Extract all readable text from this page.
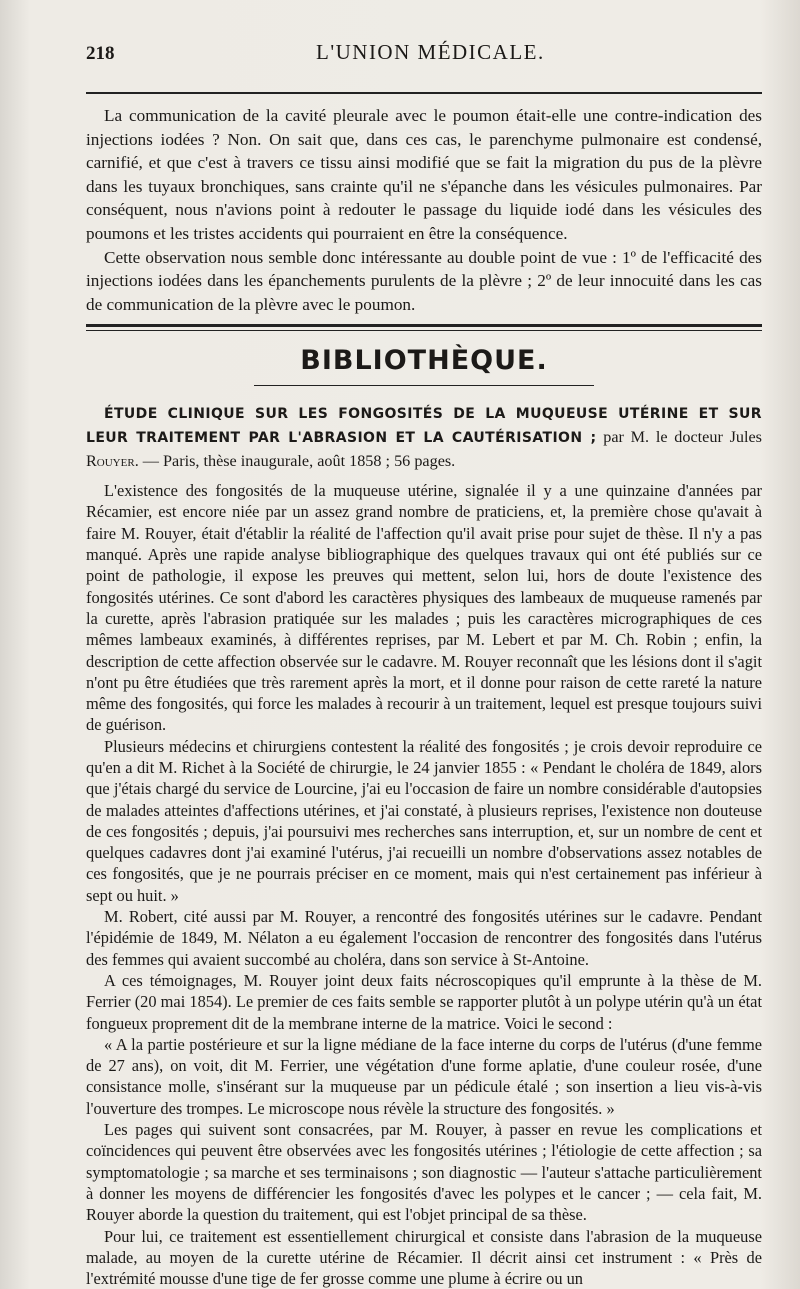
218	L'UNION MÉDICALE.

La communication de la cavité pleurale avec le poumon était-elle une contre-indication des injections iodées ? Non. On sait que, dans ces cas, le parenchyme pulmonaire est condensé, carnifié, et que c'est à travers ce tissu ainsi modifié que se fait la migration du pus de la plèvre dans les tuyaux bronchiques, sans crainte qu'il ne s'épanche dans les vésicules pulmonaires. Par conséquent, nous n'avions point à redouter le passage du liquide iodé dans les vésicules des poumons et les tristes accidents qui pourraient en être la conséquence.

Cette observation nous semble donc intéressante au double point de vue : 1º de l'efficacité des injections iodées dans les épanchements purulents de la plèvre ; 2º de leur innocuité dans les cas de communication de la plèvre avec le poumon.

BIBLIOTHÈQUE.

ÉTUDE CLINIQUE SUR LES FONGOSITÉS DE LA MUQUEUSE UTÉRINE ET SUR LEUR TRAITEMENT PAR L'ABRASION ET LA CAUTÉRISATION ; par M. le docteur Jules Rouyer. — Paris, thèse inaugurale, août 1858 ; 56 pages.

L'existence des fongosités de la muqueuse utérine, signalée il y a une quinzaine d'années par Récamier, est encore niée par un assez grand nombre de praticiens, et, la première chose qu'avait à faire M. Rouyer, était d'établir la réalité de l'affection qu'il avait prise pour sujet de thèse. Il n'y a pas manqué. Après une rapide analyse bibliographique des quelques travaux qui ont été publiés sur ce point de pathologie, il expose les preuves qui mettent, selon lui, hors de doute l'existence des fongosités utérines. Ce sont d'abord les caractères physiques des lambeaux de muqueuse ramenés par la curette, après l'abrasion pratiquée sur les malades ; puis les caractères micrographiques de ces mêmes lambeaux examinés, à différentes reprises, par M. Lebert et par M. Ch. Robin ; enfin, la description de cette affection observée sur le cadavre. M. Rouyer reconnaît que les lésions dont il s'agit n'ont pu être étudiées que très rarement après la mort, et il donne pour raison de cette rareté la nature même des fongosités, qui force les malades à recourir à un traitement, lequel est presque toujours suivi de guérison.

Plusieurs médecins et chirurgiens contestent la réalité des fongosités ; je crois devoir reproduire ce qu'en a dit M. Richet à la Société de chirurgie, le 24 janvier 1855 : « Pendant le choléra de 1849, alors que j'étais chargé du service de Lourcine, j'ai eu l'occasion de faire un nombre considérable d'autopsies de malades atteintes d'affections utérines, et j'ai constaté, à plusieurs reprises, l'existence non douteuse de ces fongosités ; depuis, j'ai poursuivi mes recherches sans interruption, et, sur un nombre de cent et quelques cadavres dont j'ai examiné l'utérus, j'ai recueilli un nombre d'observations assez notables de ces fongosités, que je ne pourrais préciser en ce moment, mais qui n'est certainement pas inférieur à sept ou huit. »

M. Robert, cité aussi par M. Rouyer, a rencontré des fongosités utérines sur le cadavre. Pendant l'épidémie de 1849, M. Nélaton a eu également l'occasion de rencontrer des fongosités dans l'utérus des femmes qui avaient succombé au choléra, dans son service à St-Antoine.

A ces témoignages, M. Rouyer joint deux faits nécroscopiques qu'il emprunte à la thèse de M. Ferrier (20 mai 1854). Le premier de ces faits semble se rapporter plutôt à un polype utérin qu'à un état fongueux proprement dit de la membrane interne de la matrice. Voici le second :

« A la partie postérieure et sur la ligne médiane de la face interne du corps de l'utérus (d'une femme de 27 ans), on voit, dit M. Ferrier, une végétation d'une forme aplatie, d'une couleur rosée, d'une consistance molle, s'insérant sur la muqueuse par un pédicule étalé ; son insertion a lieu vis-à-vis l'ouverture des trompes. Le microscope nous révèle la structure des fongosités. »

Les pages qui suivent sont consacrées, par M. Rouyer, à passer en revue les complications et coïncidences qui peuvent être observées avec les fongosités utérines ; l'étiologie de cette affection ; sa symptomatologie ; sa marche et ses terminaisons ; son diagnostic — l'auteur s'attache particulièrement à donner les moyens de différencier les fongosités d'avec les polypes et le cancer ; — cela fait, M. Rouyer aborde la question du traitement, qui est l'objet principal de sa thèse.

Pour lui, ce traitement est essentiellement chirurgical et consiste dans l'abrasion de la muqueuse malade, au moyen de la curette utérine de Récamier. Il décrit ainsi cet instrument : « Près de l'extrémité mousse d'une tige de fer grosse comme une plume à écrire ou un
